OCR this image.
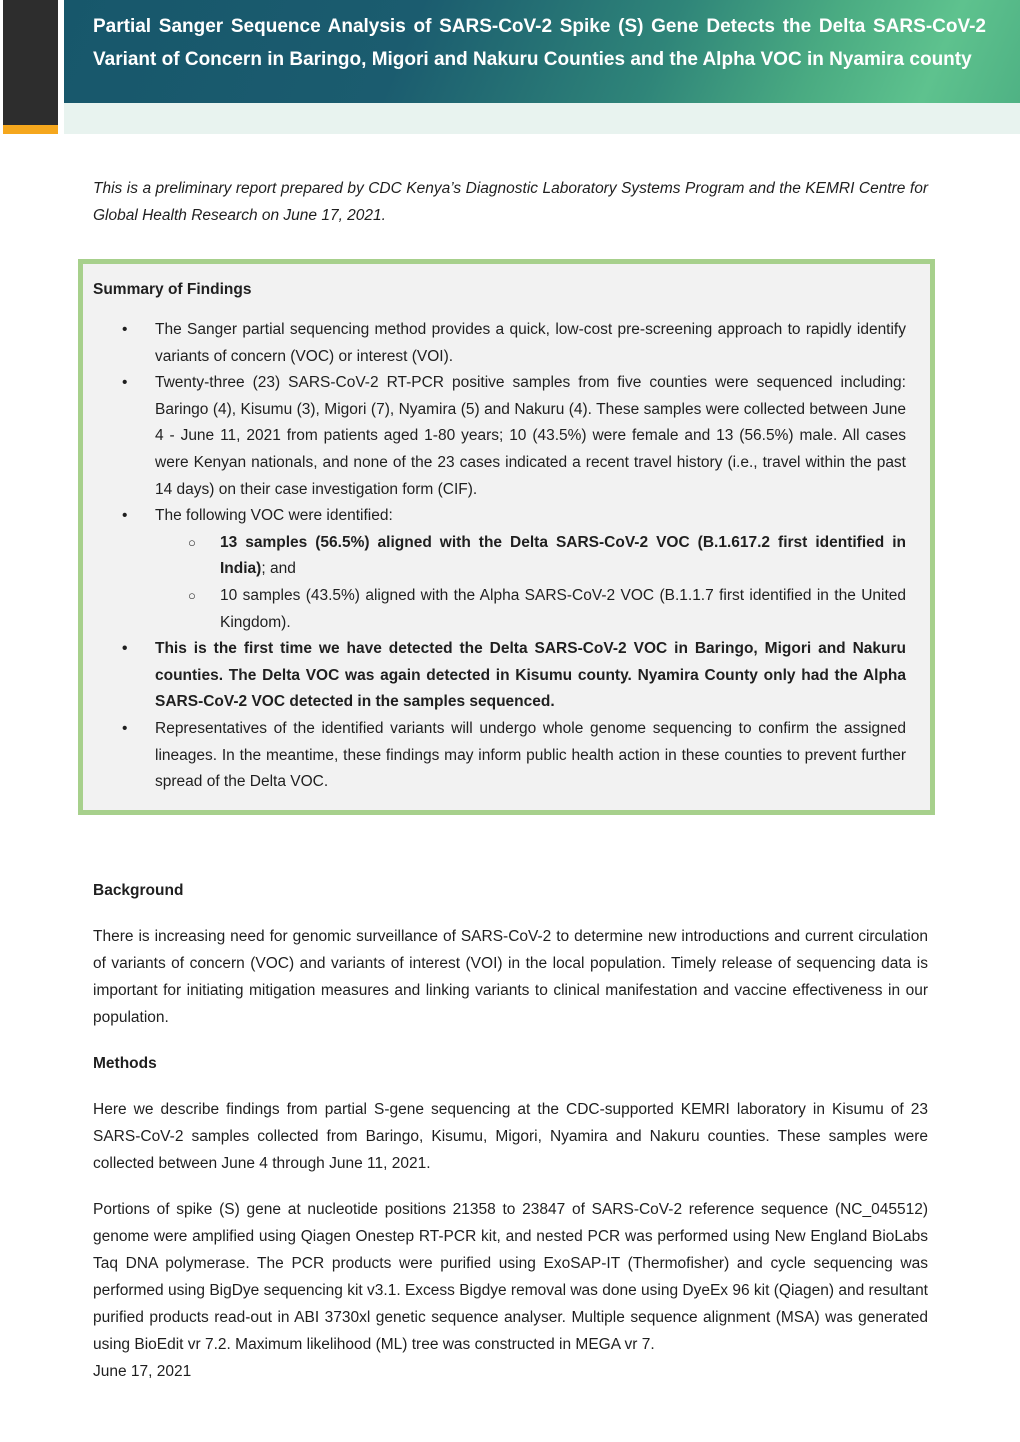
Partial Sanger Sequence Analysis of SARS-CoV-2 Spike (S) Gene Detects the Delta SARS-CoV-2 Variant of Concern in Baringo, Migori and Nakuru Counties and the Alpha VOC in Nyamira county

This is a preliminary report prepared by CDC Kenya’s Diagnostic Laboratory Systems Program and the KEMRI Centre for Global Health Research on June 17, 2021.

Summary of Findings
• The Sanger partial sequencing method provides a quick, low-cost pre-screening approach to rapidly identify variants of concern (VOC) or interest (VOI).
• Twenty-three (23) SARS-CoV-2 RT-PCR positive samples from five counties were sequenced including: Baringo (4), Kisumu (3), Migori (7), Nyamira (5) and Nakuru (4). These samples were collected between June 4 - June 11, 2021 from patients aged 1-80 years; 10 (43.5%) were female and 13 (56.5%) male. All cases were Kenyan nationals, and none of the 23 cases indicated a recent travel history (i.e., travel within the past 14 days) on their case investigation form (CIF).
• The following VOC were identified:
○ 13 samples (56.5%) aligned with the Delta SARS-CoV-2 VOC (B.1.617.2 first identified in India); and
○ 10 samples (43.5%) aligned with the Alpha SARS-CoV-2 VOC (B.1.1.7 first identified in the United Kingdom).
• This is the first time we have detected the Delta SARS-CoV-2 VOC in Baringo, Migori and Nakuru counties. The Delta VOC was again detected in Kisumu county. Nyamira County only had the Alpha SARS-CoV-2 VOC detected in the samples sequenced.
• Representatives of the identified variants will undergo whole genome sequencing to confirm the assigned lineages. In the meantime, these findings may inform public health action in these counties to prevent further spread of the Delta VOC.
Background

There is increasing need for genomic surveillance of SARS-CoV-2 to determine new introductions and current circulation of variants of concern (VOC) and variants of interest (VOI) in the local population. Timely release of sequencing data is important for initiating mitigation measures and linking variants to clinical manifestation and vaccine effectiveness in our population.

Methods

Here we describe findings from partial S-gene sequencing at the CDC-supported KEMRI laboratory in Kisumu of 23 SARS-CoV-2 samples collected from Baringo, Kisumu, Migori, Nyamira and Nakuru counties. These samples were collected between June 4 through June 11, 2021.

Portions of spike (S) gene at nucleotide positions 21358 to 23847 of SARS-CoV-2 reference sequence (NC_045512) genome were amplified using Qiagen Onestep RT-PCR kit, and nested PCR was performed using New England BioLabs Taq DNA polymerase. The PCR products were purified using ExoSAP-IT (Thermofisher) and cycle sequencing was performed using BigDye sequencing kit v3.1. Excess Bigdye removal was done using DyeEx 96 kit (Qiagen) and resultant purified products read-out in ABI 3730xl genetic sequence analyser. Multiple sequence alignment (MSA) was generated using BioEdit vr 7.2. Maximum likelihood (ML) tree was constructed in MEGA vr 7.

June 17, 2021
